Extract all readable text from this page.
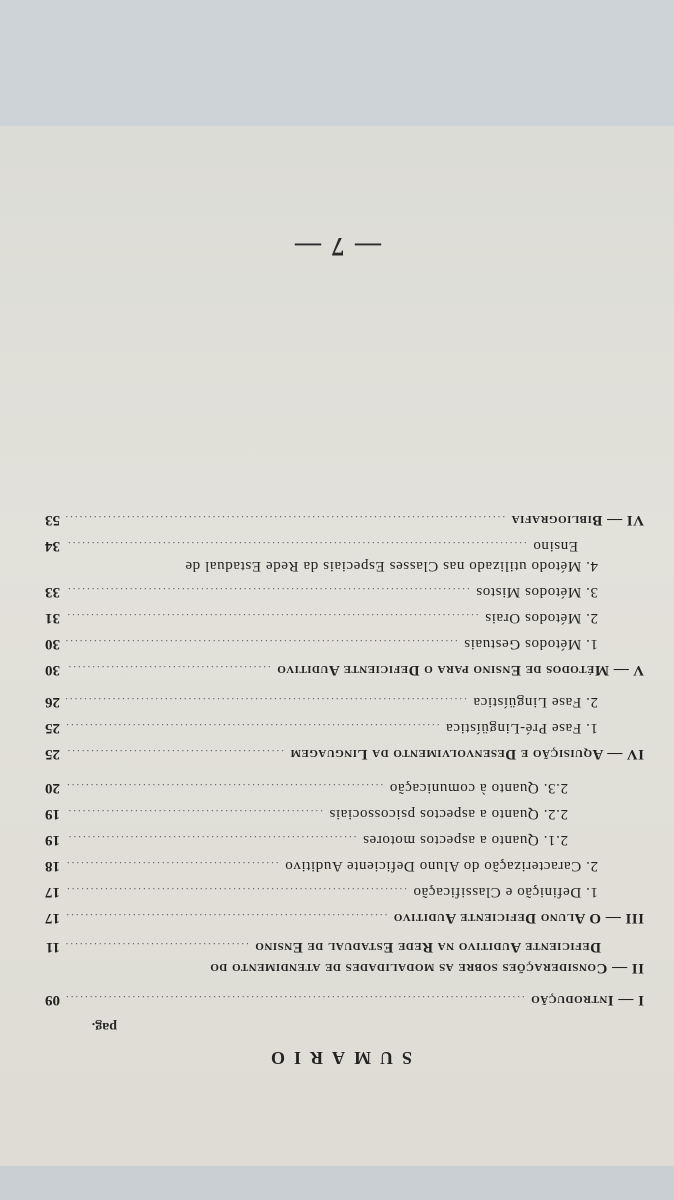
SUMARIO
pag.
I — Introdução
.....
09
II — Considerações sobre as modalidades de atendimento do
Deficiente Auditivo na Rede Estadual de Ensino
.....
11
III — O Aluno Deficiente Auditivo
.....
17
1. Definição e Classificação
.....
17
2. Caracterização do Aluno Deficiente Auditivo
.....
18
2.1. Quanto a aspectos motores
.....
19
2.2. Quanto a aspectos psicossociais
.....
19
2.3. Quanto à comunicação
.....
20
IV — Aquisição e Desenvolvimento da Linguagem
.....
25
1. Fase Pré-Lingüística
.....
25
2. Fase Lingüística
.....
26
V — Métodos de Ensino para o Deficiente Auditivo
.....
30
1. Métodos Gestuais
.....
30
2. Métodos Orais
.....
31
3. Métodos Mistos
.....
33
4. Método utilizado nas Classes Especiais da Rede Estadual de
Ensino
.....
34
VI — Bibliografia
.....
53
— 7 —
